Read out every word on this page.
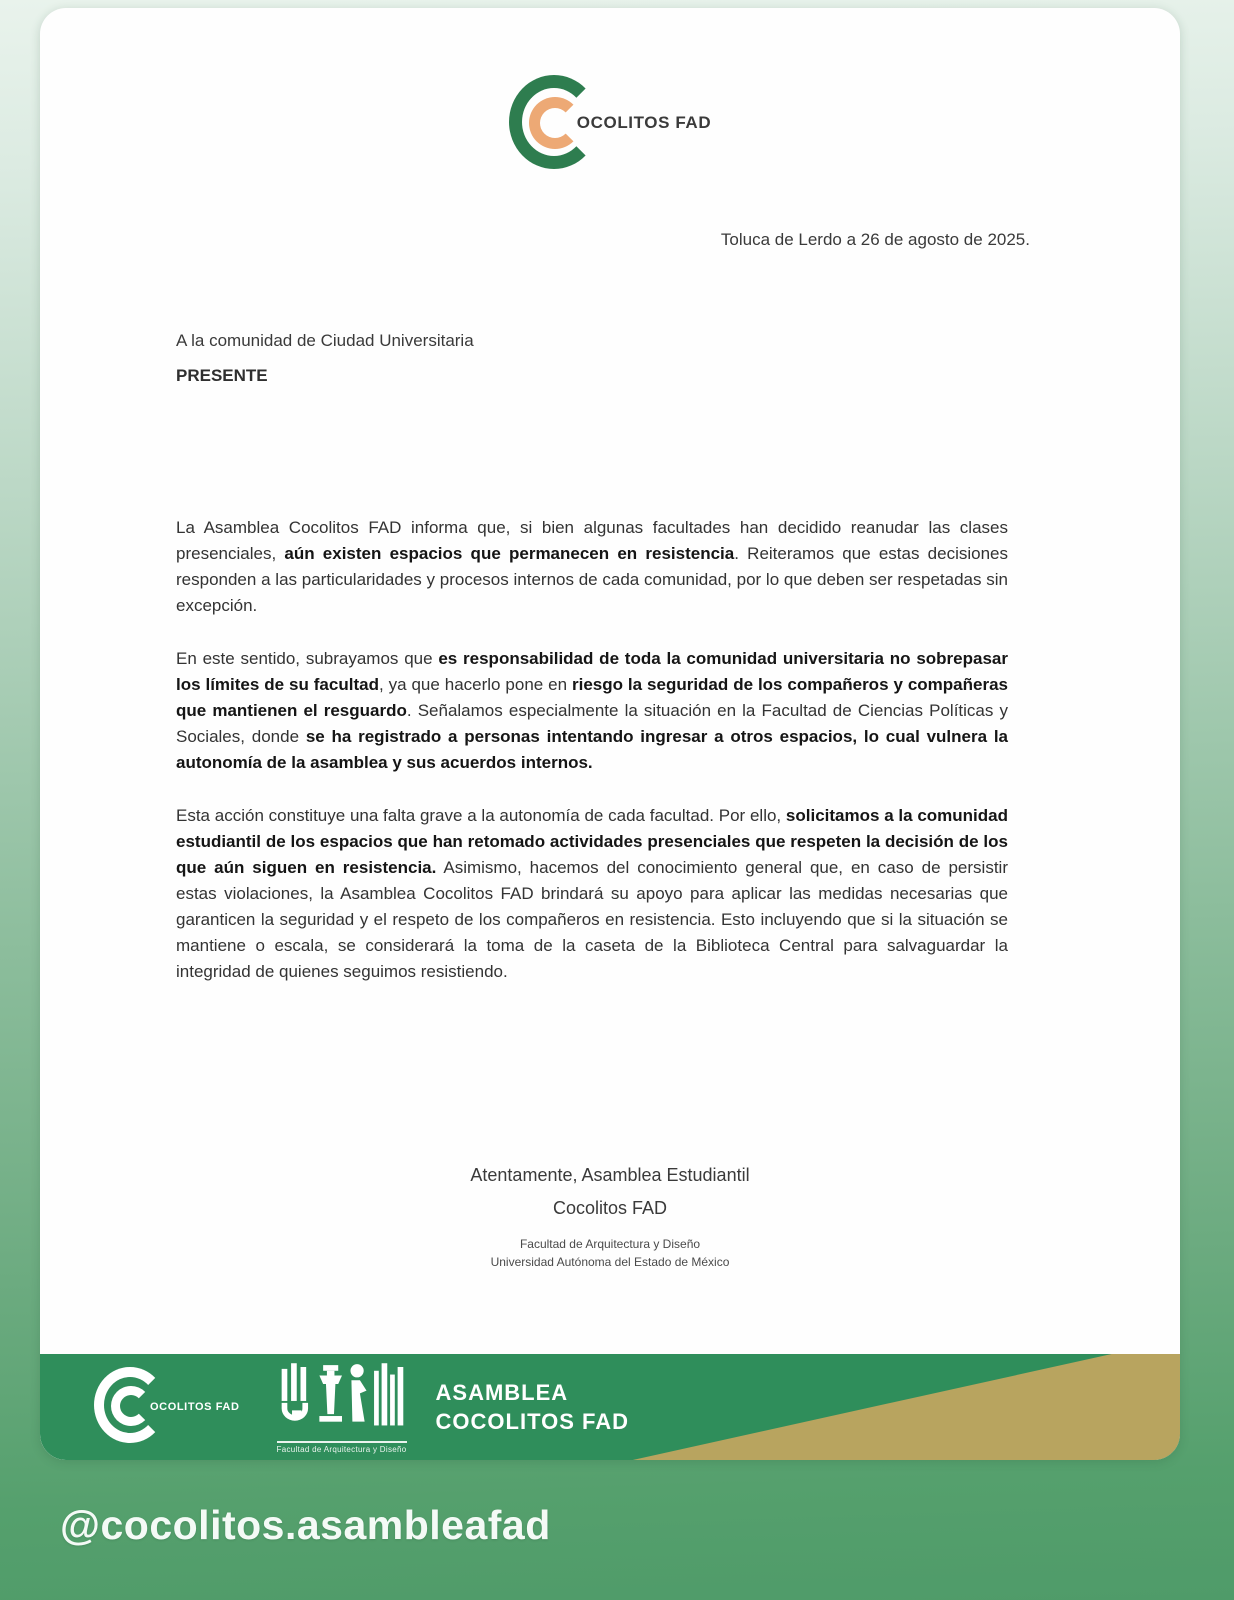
OCOLITOS FAD
Toluca de Lerdo a 26 de agosto de 2025.
A la comunidad de Ciudad Universitaria
PRESENTE

La Asamblea Cocolitos FAD informa que, si bien algunas facultades han decidido reanudar las clases presenciales, aún existen espacios que permanecen en resistencia. Reiteramos que estas decisiones responden a las particularidades y procesos internos de cada comunidad, por lo que deben ser respetadas sin excepción.

En este sentido, subrayamos que es responsabilidad de toda la comunidad universitaria no sobrepasar los límites de su facultad, ya que hacerlo pone en riesgo la seguridad de los compañeros y compañeras que mantienen el resguardo. Señalamos especialmente la situación en la Facultad de Ciencias Políticas y Sociales, donde se ha registrado a personas intentando ingresar a otros espacios, lo cual vulnera la autonomía de la asamblea y sus acuerdos internos.

Esta acción constituye una falta grave a la autonomía de cada facultad. Por ello, solicitamos a la comunidad estudiantil de los espacios que han retomado actividades presenciales que respeten la decisión de los que aún siguen en resistencia. Asimismo, hacemos del conocimiento general que, en caso de persistir estas violaciones, la Asamblea Cocolitos FAD brindará su apoyo para aplicar las medidas necesarias que garanticen la seguridad y el respeto de los compañeros en resistencia. Esto incluyendo que si la situación se mantiene o escala, se considerará la toma de la caseta de la Biblioteca Central para salvaguardar la integridad de quienes seguimos resistiendo.

Atentamente, Asamblea Estudiantil
Cocolitos FAD
Facultad de Arquitectura y Diseño
Universidad Autónoma del Estado de México
OCOLITOS FAD
Facultad de Arquitectura y Diseño
ASAMBLEA
COCOLITOS FAD
@cocolitos.asambleafad
